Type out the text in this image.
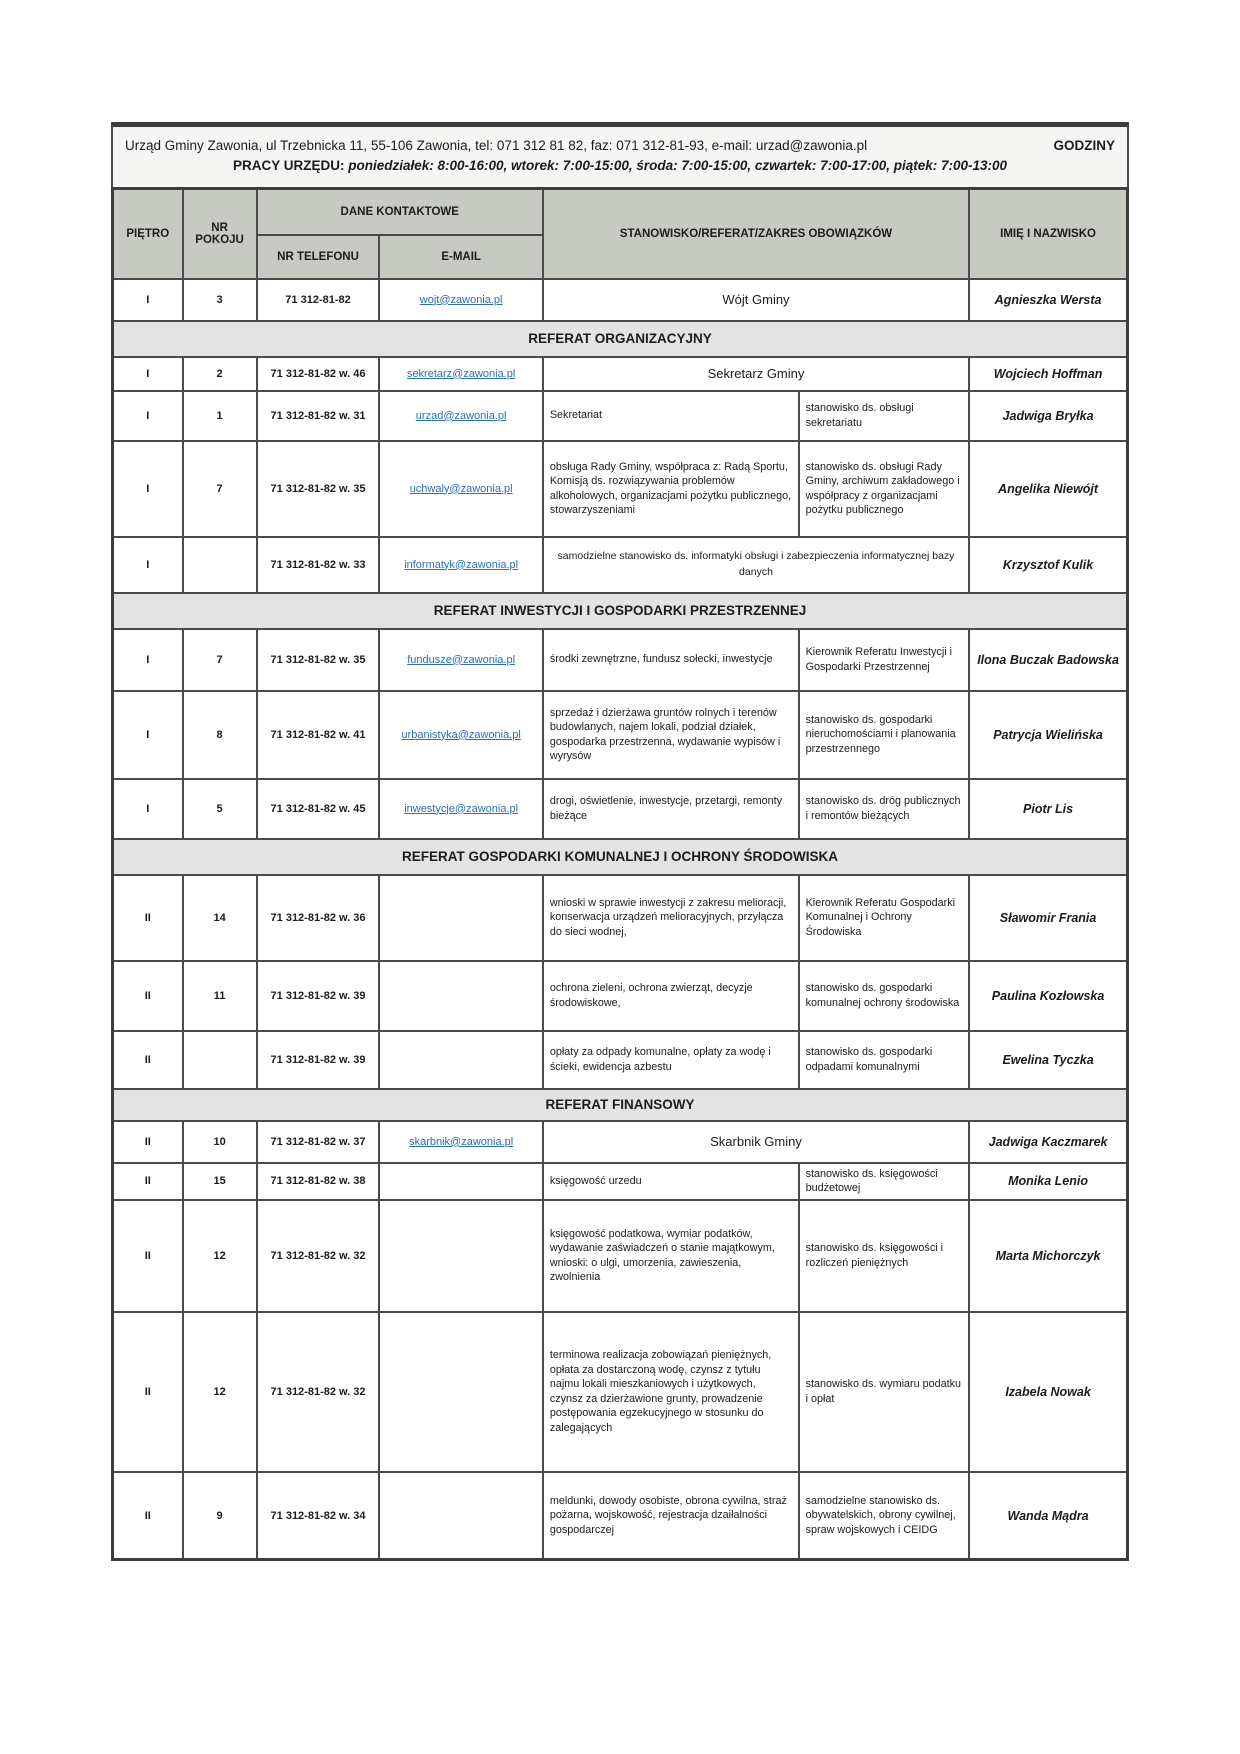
Urząd Gminy Zawonia, ul Trzebnicka 11, 55-106 Zawonia, tel: 071 312 81 82, faz: 071 312-81-93, e-mail: urzad@zawonia.pl	GODZINY
PRACY URZĘDU: poniedziałek: 8:00-16:00, wtorek: 7:00-15:00, środa: 7:00-15:00, czwartek: 7:00-17:00, piątek: 7:00-13:00
PIĘTRO	NR POKOJU	DANE KONTAKTOWE		STANOWISKO/REFERAT/ZAKRES OBOWIĄZKÓW		IMIĘ I NAZWISKO
		NR TELEFONU	E-MAIL			
I	3	71 312-81-82	wojt@zawonia.pl	Wójt Gminy		Agnieszka Wersta
REFERAT ORGANIZACYJNY						
I	2	71 312-81-82 w. 46	sekretarz@zawonia.pl	Sekretarz Gminy		Wojciech Hoffman
I	1	71 312-81-82 w. 31	urzad@zawonia.pl	Sekretariat	stanowisko ds. obsługi sekretariatu	Jadwiga Bryłka
I	7	71 312-81-82 w. 35	uchwaly@zawonia.pl	obsługa Rady Gminy, współpraca z: Radą Sportu, Komisją ds. rozwiązywania problemów alkoholowych, organizacjami pożytku publicznego, stowarzyszeniami	stanowisko ds. obsługi Rady Gminy, archiwum zakładowego i współpracy z organizacjami pożytku publicznego	Angelika Niewójt
I		71 312-81-82 w. 33	informatyk@zawonia.pl	samodzielne stanowisko ds. informatyki obsługi i zabezpieczenia informatycznej bazy danych		Krzysztof Kulik
REFERAT INWESTYCJI I GOSPODARKI PRZESTRZENNEJ						
I	7	71 312-81-82 w. 35	fundusze@zawonia.pl	środki zewnętrzne, fundusz sołecki, inwestycje	Kierownik Referatu Inwestycji i Gospodarki Przestrzennej	Ilona Buczak Badowska
I	8	71 312-81-82 w. 41	urbanistyka@zawonia.pl	sprzedaż i dzierżawa gruntów rolnych i terenów budowlanych, najem lokali, podział działek, gospodarka przestrzenna, wydawanie wypisów i wyrysów	stanowisko ds. gospodarki nieruchomościami i planowania przestrzennego	Patrycja Wielińska
I	5	71 312-81-82 w. 45	inwestycje@zawonia.pl	drogi, oświetlenie, inwestycje, przetargi, remonty bieżące	stanowisko ds. dróg publicznych i remontów bieżących	Piotr Lis
REFERAT GOSPODARKI KOMUNALNEJ I OCHRONY ŚRODOWISKA						
II	14	71 312-81-82 w. 36		wnioski w sprawie inwestycji z zakresu melioracji, konserwacja urządzeń melioracyjnych, przyłącza do sieci wodnej,	Kierownik Referatu Gospodarki Komunalnej i Ochrony Środowiska	Sławomir Frania
II	11	71 312-81-82 w. 39		ochrona zieleni, ochrona zwierząt, decyzje środowiskowe,	stanowisko ds. gospodarki komunalnej ochrony środowiska	Paulina Kozłowska
II		71 312-81-82 w. 39		opłaty za odpady komunalne, opłaty za wodę i ścieki, ewidencja azbestu	stanowisko ds. gospodarki odpadami komunalnymi	Ewelina Tyczka
REFERAT FINANSOWY						
II	10	71 312-81-82 w. 37	skarbnik@zawonia.pl	Skarbnik Gminy		Jadwiga Kaczmarek
II	15	71 312-81-82 w. 38		księgowość urzedu	stanowisko ds. księgowości budżetowej	Monika Lenio
II	12	71 312-81-82 w. 32		księgowość podatkowa, wymiar podatków, wydawanie zaświadczeń o stanie majątkowym, wnioski: o ulgi, umorzenia, zawieszenia, zwolnienia	stanowisko ds. księgowości i rozliczeń pieniężnych	Marta Michorczyk
II	12	71 312-81-82 w. 32		terminowa realizacja zobowiązań pieniężnych, opłata za dostarczoną wodę, czynsz z tytułu najmu lokali mieszkaniowych i użytkowych, czynsz za dzierżawione grunty, prowadzenie postępowania egzekucyjnego w stosunku do zalegających	stanowisko ds. wymiaru podatku i opłat	Izabela Nowak
II	9	71 312-81-82 w. 34		meldunki, dowody osobiste, obrona cywilna, straż pożarna, wojskowość, rejestracja dzaiłalności gospodarczej	samodzielne stanowisko ds. obywatelskich, obrony cywilnej, spraw wojskowych i CEIDG	Wanda Mądra
